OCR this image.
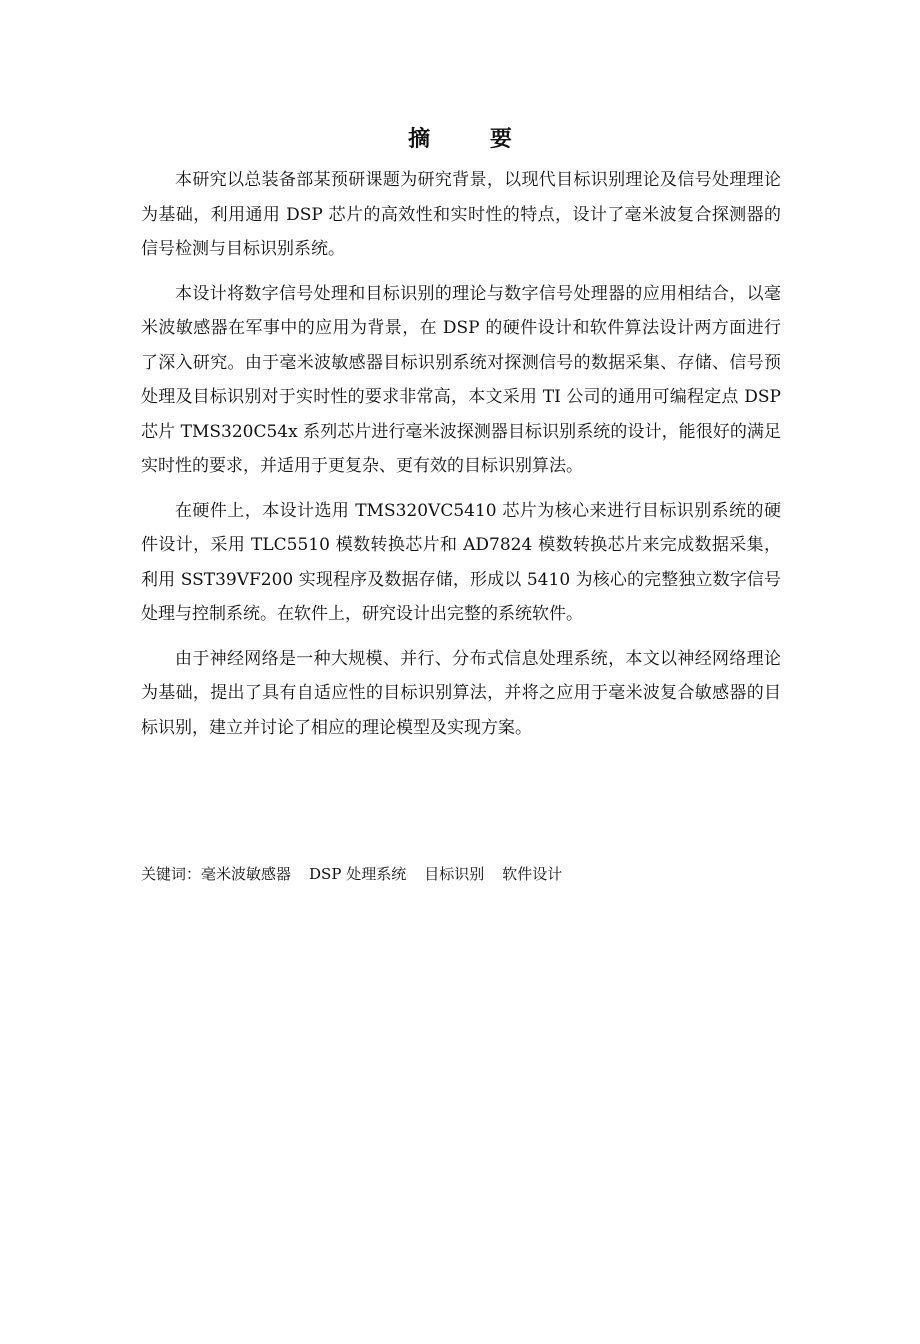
摘 要

本研究以总装备部某预研课题为研究背景，以现代目标识别理论及信号处理理论为基础，利用通用 DSP 芯片的高效性和实时性的特点，设计了毫米波复合探测器的信号检测与目标识别系统。

本设计将数字信号处理和目标识别的理论与数字信号处理器的应用相结合，以毫米波敏感器在军事中的应用为背景，在 DSP 的硬件设计和软件算法设计两方面进行了深入研究。由于毫米波敏感器目标识别系统对探测信号的数据采集、存储、信号预处理及目标识别对于实时性的要求非常高，本文采用 TI 公司的通用可编程定点 DSP 芯片 TMS320C54x 系列芯片进行毫米波探测器目标识别系统的设计，能很好的满足实时性的要求，并适用于更复杂、更有效的目标识别算法。

在硬件上，本设计选用 TMS320VC5410 芯片为核心来进行目标识别系统的硬件设计，采用 TLC5510 模数转换芯片和 AD7824 模数转换芯片来完成数据采集，利用 SST39VF200 实现程序及数据存储，形成以 5410 为核心的完整独立数字信号处理与控制系统。在软件上，研究设计出完整的系统软件。

由于神经网络是一种大规模、并行、分布式信息处理系统，本文以神经网络理论为基础，提出了具有自适应性的目标识别算法，并将之应用于毫米波复合敏感器的目标识别，建立并讨论了相应的理论模型及实现方案。

关键词：毫米波敏感器 DSP 处理系统 目标识别 软件设计
